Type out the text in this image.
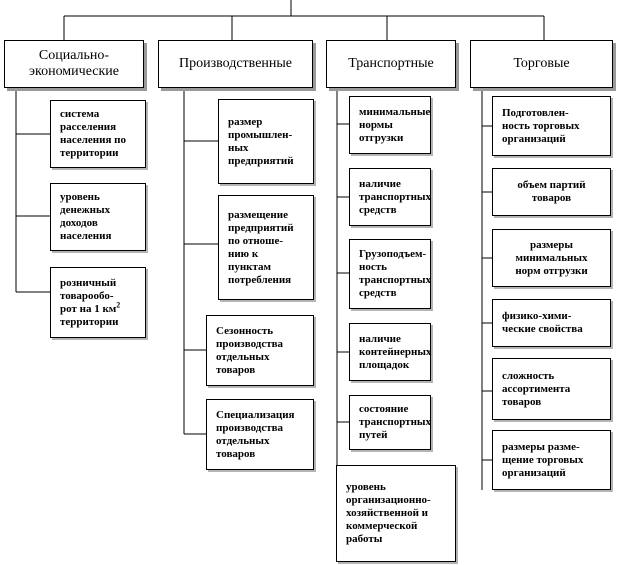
Социально-
экономические
Производственные	Транспортные	Торговые
система
расселения
населения по
территории
уровень
денежных
доходов
населения
розничный
товарообо-
рот на 1 $км^2$
территории
размер
промышлен-
ных
предприятий
размещение
предприятий
по отноше-
нию к
пунктам
потребления
Сезонность
производства
отдельных
товаров
Специализация
производства
отдельных
товаров
минимальные
нормы
отгрузки
наличие
транспортных
средств
Грузоподъем-
ность
транспортных
средств
наличие
контейнерных
площадок
состояние
транспортных
путей
уровень
организационно-
хозяйственной и
коммерческой
работы
Подготовлен-
ность торговых
организаций
объем партий
товаров
размеры
минимальных
норм отгрузки
физико-хими-
ческие свойства
сложность
ассортимента
товаров
размеры разме-
щение торговых
организаций
